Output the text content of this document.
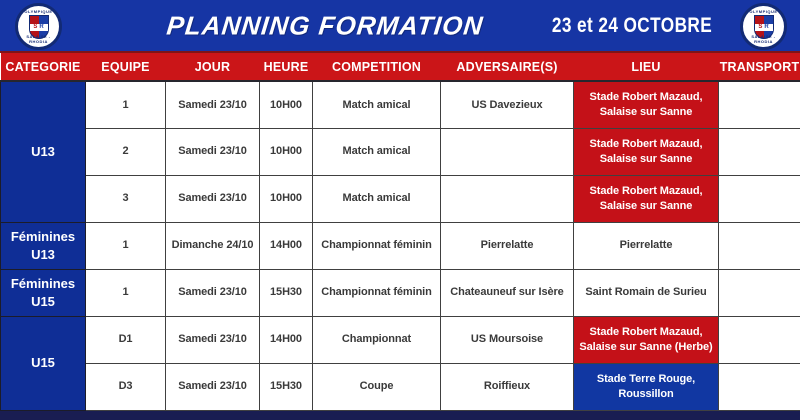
OLYMPIQUE
S R
SALAISE - RHODIA
PLANNING FORMATION	23 et 24 OCTOBRE
OLYMPIQUE
S R
SALAISE - RHODIA
CATEGORIE	EQUIPE	JOUR	HEURE	COMPETITION	ADVERSAIRE(S)	LIEU	TRANSPORT

U13	1	Samedi 23/10	10H00	Match amical	US Davezieux	Stade Robert Mazaud, Salaise sur Sanne	
	2	Samedi 23/10	10H00	Match amical		Stade Robert Mazaud, Salaise sur Sanne	
	3	Samedi 23/10	10H00	Match amical		Stade Robert Mazaud, Salaise sur Sanne	

Féminines
U13	1	Dimanche 24/10	14H00	Championnat féminin	Pierrelatte	Pierrelatte	

Féminines
U15	1	Samedi 23/10	15H30	Championnat féminin	Chateauneuf sur Isère	Saint Romain de Surieu	

U15	D1	Samedi 23/10	14H00	Championnat	US Moursoise	Stade Robert Mazaud, Salaise sur Sanne (Herbe)	
	D3	Samedi 23/10	15H30	Coupe	Roiffieux	Stade Terre Rouge, Roussillon	
